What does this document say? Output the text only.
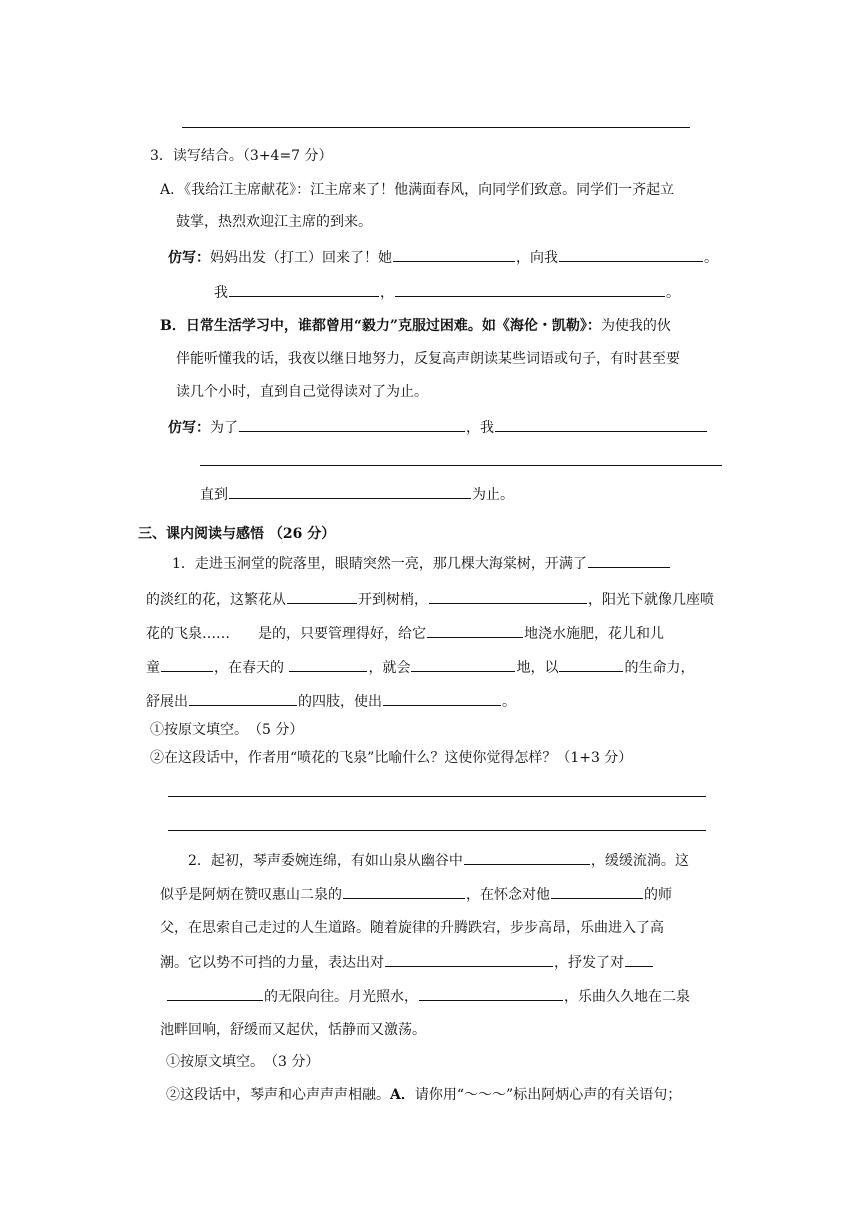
3．读写结合。（3+4=7 分）
A．《我给江主席献花》：江主席来了！他满面春风，向同学们致意。同学们一齐起立
鼓掌，热烈欢迎江主席的到来。
仿写：妈妈出发（打工）回来了！她	，向我	。
我	，	。
B．日常生活学习中，谁都曾用“毅力”克服过困难。如《海伦・凯勒》：为使我的伙
伴能听懂我的话，我夜以继日地努力，反复高声朗读某些词语或句子，有时甚至要
读几个小时，直到自己觉得读对了为止。
仿写：为了	，我
直到	为止。
三、课内阅读与感悟 （26 分）
1．走进玉泂堂的院落里，眼睛突然一亮，那几棵大海棠树，开满了
的淡红的花，这繁花从	开到树梢，	，阳光下就像几座喷
花的飞泉……　　是的，只要管理得好，给它	地浇水施肥，花儿和儿
童	，在春天的	，就会	地，以	的生命力，
舒展出	的四肢，使出	。
①按原文填空。　（5 分）
②在这段话中，作者用“喷花的飞泉”比喻什么？这使你觉得怎样？（1+3 分）
2．起初，琴声委婉连绵，有如山泉从幽谷中	，缓缓流淌。这
似乎是阿炳在赞叹惠山二泉的	，在怀念对他	的师
父，在思索自己走过的人生道路。随着旋律的升腾跌宕，步步高昂，乐曲进入了高
潮。它以势不可挡的力量，表达出对	，抒发了对
的无限向往。月光照水，	，乐曲久久地在二泉
池畔回响，舒缓而又起伏，恬静而又激荡。
①按原文填空。　（3 分）
②这段话中，琴声和心声声声相融。A．请你用“～～～”标出阿炳心声的有关语句；
